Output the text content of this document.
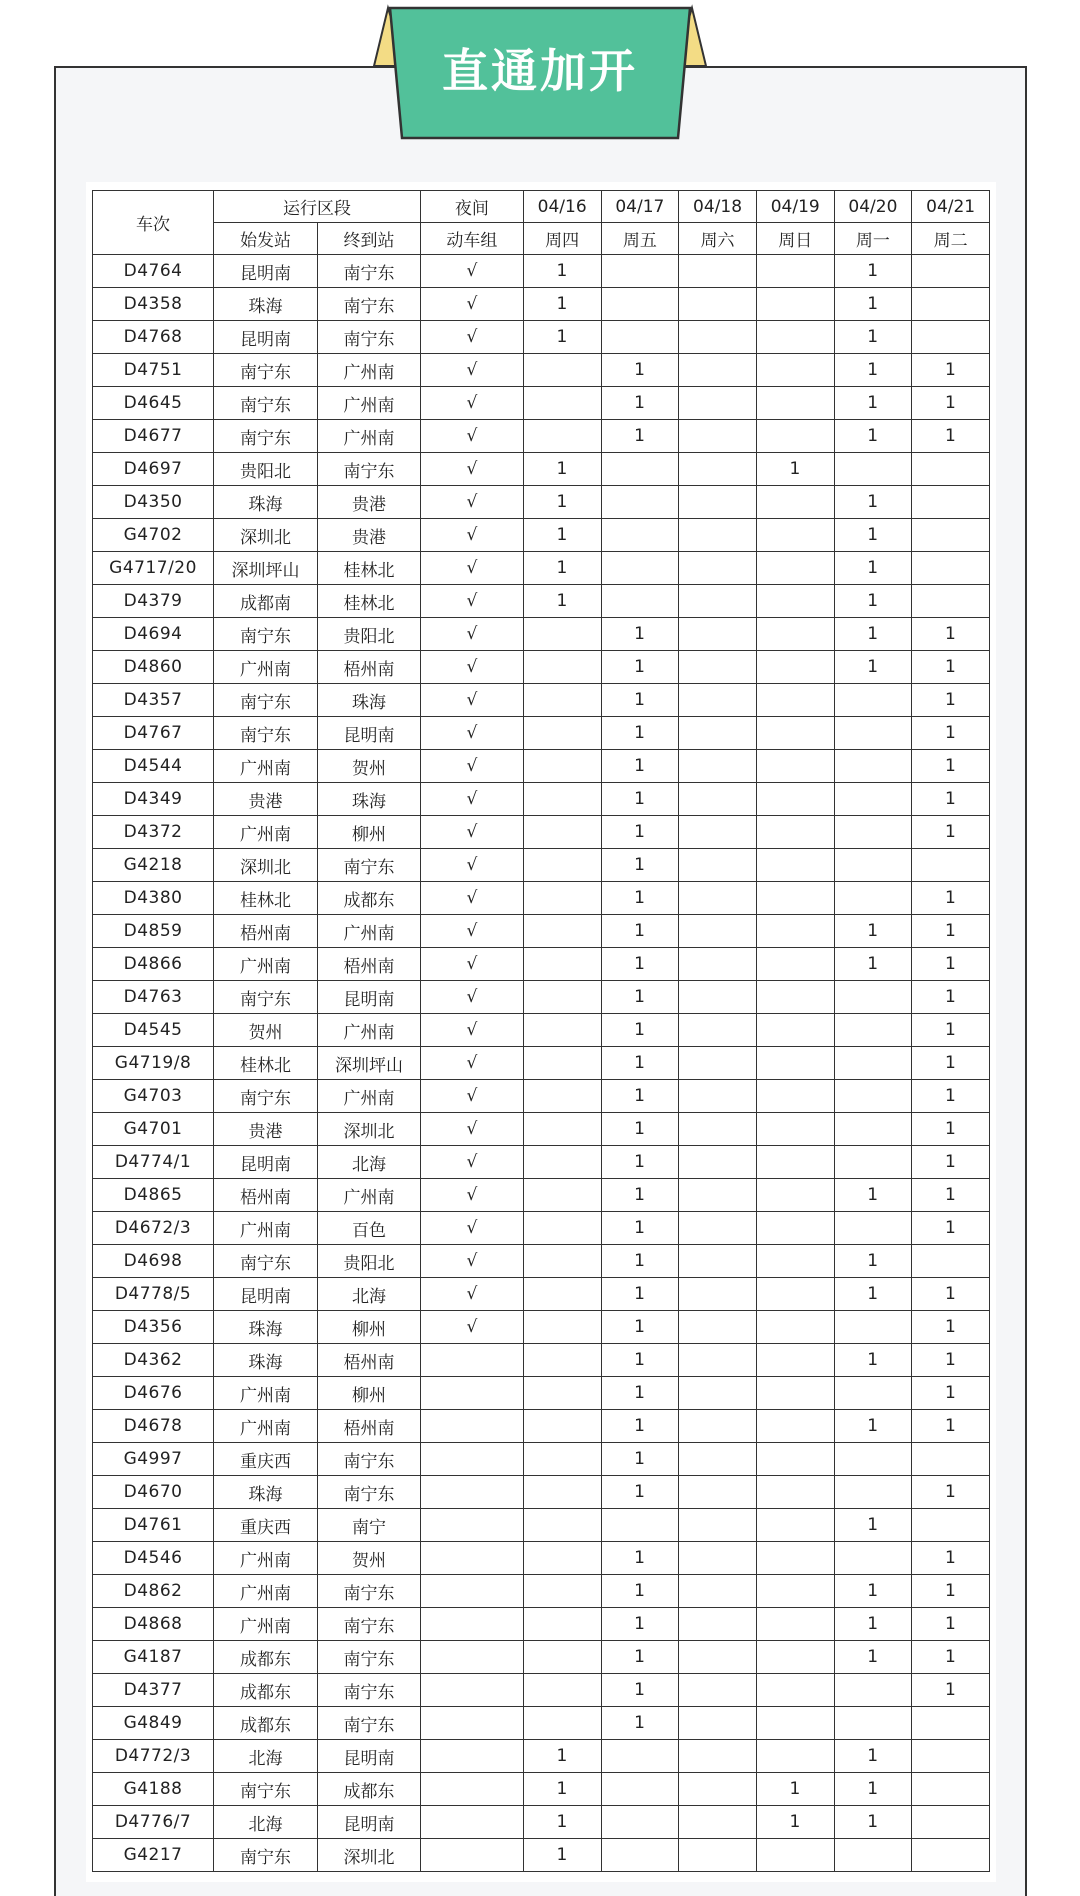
直通加开
车次	运行区段		夜间	04/16	04/17	04/18	04/19	04/20	04/21
	始发站	终到站	动车组	周四	周五	周六	周日	周一	周二
D4764	昆明南	南宁东	√	1				1	
D4358	珠海	南宁东	√	1				1	
D4768	昆明南	南宁东	√	1				1	
D4751	南宁东	广州南	√		1			1	1
D4645	南宁东	广州南	√		1			1	1
D4677	南宁东	广州南	√		1			1	1
D4697	贵阳北	南宁东	√	1			1		
D4350	珠海	贵港	√	1				1	
G4702	深圳北	贵港	√	1				1	
G4717/20	深圳坪山	桂林北	√	1				1	
D4379	成都南	桂林北	√	1				1	
D4694	南宁东	贵阳北	√		1			1	1
D4860	广州南	梧州南	√		1			1	1
D4357	南宁东	珠海	√		1				1
D4767	南宁东	昆明南	√		1				1
D4544	广州南	贺州	√		1				1
D4349	贵港	珠海	√		1				1
D4372	广州南	柳州	√		1				1
G4218	深圳北	南宁东	√		1				
D4380	桂林北	成都东	√		1				1
D4859	梧州南	广州南	√		1			1	1
D4866	广州南	梧州南	√		1			1	1
D4763	南宁东	昆明南	√		1				1
D4545	贺州	广州南	√		1				1
G4719/8	桂林北	深圳坪山	√		1				1
G4703	南宁东	广州南	√		1				1
G4701	贵港	深圳北	√		1				1
D4774/1	昆明南	北海	√		1				1
D4865	梧州南	广州南	√		1			1	1
D4672/3	广州南	百色	√		1				1
D4698	南宁东	贵阳北	√		1			1	
D4778/5	昆明南	北海	√		1			1	1
D4356	珠海	柳州	√		1				1
D4362	珠海	梧州南			1			1	1
D4676	广州南	柳州			1				1
D4678	广州南	梧州南			1			1	1
G4997	重庆西	南宁东			1				
D4670	珠海	南宁东			1				1
D4761	重庆西	南宁						1	
D4546	广州南	贺州			1				1
D4862	广州南	南宁东			1			1	1
D4868	广州南	南宁东			1			1	1
G4187	成都东	南宁东			1			1	1
D4377	成都东	南宁东			1				1
G4849	成都东	南宁东			1				
D4772/3	北海	昆明南		1				1	
G4188	南宁东	成都东		1			1	1	
D4776/7	北海	昆明南		1			1	1	
G4217	南宁东	深圳北		1					
